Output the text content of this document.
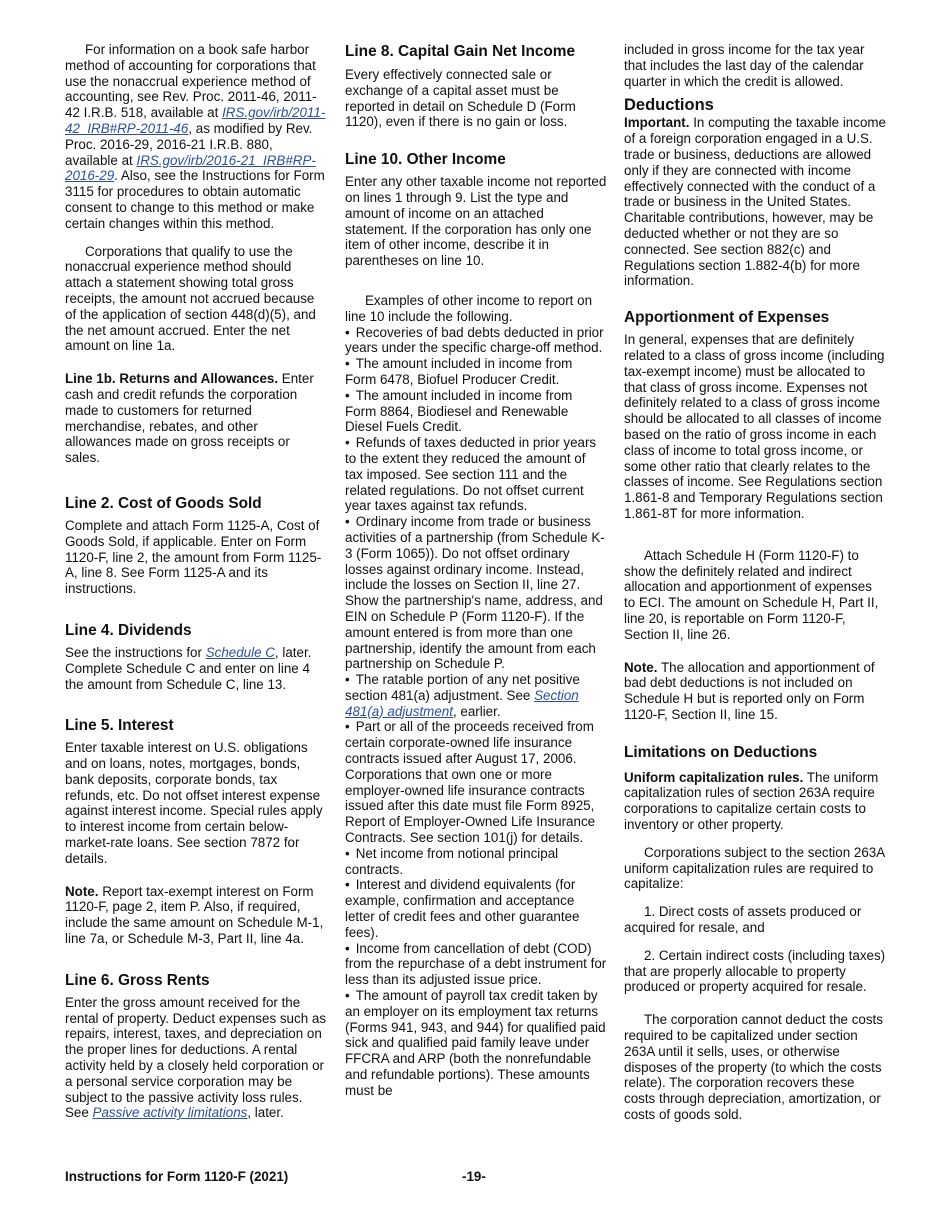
For information on a book safe harbor method of accounting for corporations that use the nonaccrual experience method of accounting, see Rev. Proc. 2011-46, 2011-42 I.R.B. 518, available at IRS.gov/irb/2011-42_IRB#RP-2011-46, as modified by Rev. Proc. 2016-29, 2016-21 I.R.B. 880, available at IRS.gov/irb/2016-21_IRB#RP-2016-29. Also, see the Instructions for Form 3115 for procedures to obtain automatic consent to change to this method or make certain changes within this method.

Corporations that qualify to use the nonaccrual experience method should attach a statement showing total gross receipts, the amount not accrued because of the application of section 448(d)(5), and the net amount accrued. Enter the net amount on line 1a.

Line 1b. Returns and Allowances. Enter cash and credit refunds the corporation made to customers for returned merchandise, rebates, and other allowances made on gross receipts or sales.

Line 2. Cost of Goods Sold

Complete and attach Form 1125-A, Cost of Goods Sold, if applicable. Enter on Form 1120-F, line 2, the amount from Form 1125-A, line 8. See Form 1125-A and its instructions.

Line 4. Dividends

See the instructions for Schedule C, later. Complete Schedule C and enter on line 4 the amount from Schedule C, line 13.

Line 5. Interest

Enter taxable interest on U.S. obligations and on loans, notes, mortgages, bonds, bank deposits, corporate bonds, tax refunds, etc. Do not offset interest expense against interest income. Special rules apply to interest income from certain below-market-rate loans. See section 7872 for details.

Note. Report tax-exempt interest on Form 1120-F, page 2, item P. Also, if required, include the same amount on Schedule M-1, line 7a, or Schedule M-3, Part II, line 4a.

Line 6. Gross Rents

Enter the gross amount received for the rental of property. Deduct expenses such as repairs, interest, taxes, and depreciation on the proper lines for deductions. A rental activity held by a closely held corporation or a personal service corporation may be subject to the passive activity loss rules. See Passive activity limitations, later.

Line 8. Capital Gain Net Income

Every effectively connected sale or exchange of a capital asset must be reported in detail on Schedule D (Form 1120), even if there is no gain or loss.

Line 10. Other Income

Enter any other taxable income not reported on lines 1 through 9. List the type and amount of income on an attached statement. If the corporation has only one item of other income, describe it in parentheses on line 10.

Examples of other income to report on line 10 include the following.

• Recoveries of bad debts deducted in prior years under the specific charge-off method.

• The amount included in income from Form 6478, Biofuel Producer Credit.

• The amount included in income from Form 8864, Biodiesel and Renewable Diesel Fuels Credit.

• Refunds of taxes deducted in prior years to the extent they reduced the amount of tax imposed. See section 111 and the related regulations. Do not offset current year taxes against tax refunds.

• Ordinary income from trade or business activities of a partnership (from Schedule K-3 (Form 1065)). Do not offset ordinary losses against ordinary income. Instead, include the losses on Section II, line 27. Show the partnership's name, address, and EIN on Schedule P (Form 1120-F). If the amount entered is from more than one partnership, identify the amount from each partnership on Schedule P.

• The ratable portion of any net positive section 481(a) adjustment. See Section 481(a) adjustment, earlier.

• Part or all of the proceeds received from certain corporate-owned life insurance contracts issued after August 17, 2006. Corporations that own one or more employer-owned life insurance contracts issued after this date must file Form 8925, Report of Employer-Owned Life Insurance Contracts. See section 101(j) for details.

• Net income from notional principal contracts.

• Interest and dividend equivalents (for example, confirmation and acceptance letter of credit fees and other guarantee fees).

• Income from cancellation of debt (COD) from the repurchase of a debt instrument for less than its adjusted issue price.

• The amount of payroll tax credit taken by an employer on its employment tax returns (Forms 941, 943, and 944) for qualified paid sick and qualified paid family leave under FFCRA and ARP (both the nonrefundable and refundable portions). These amounts must be

included in gross income for the tax year that includes the last day of the calendar quarter in which the credit is allowed.

Deductions

Important. In computing the taxable income of a foreign corporation engaged in a U.S. trade or business, deductions are allowed only if they are connected with income effectively connected with the conduct of a trade or business in the United States. Charitable contributions, however, may be deducted whether or not they are so connected. See section 882(c) and Regulations section 1.882-4(b) for more information.

Apportionment of Expenses

In general, expenses that are definitely related to a class of gross income (including tax-exempt income) must be allocated to that class of gross income. Expenses not definitely related to a class of gross income should be allocated to all classes of income based on the ratio of gross income in each class of income to total gross income, or some other ratio that clearly relates to the classes of income. See Regulations section 1.861-8 and Temporary Regulations section 1.861-8T for more information.

Attach Schedule H (Form 1120-F) to show the definitely related and indirect allocation and apportionment of expenses to ECI. The amount on Schedule H, Part II, line 20, is reportable on Form 1120-F, Section II, line 26.

Note. The allocation and apportionment of bad debt deductions is not included on Schedule H but is reported only on Form 1120-F, Section II, line 15.

Limitations on Deductions

Uniform capitalization rules. The uniform capitalization rules of section 263A require corporations to capitalize certain costs to inventory or other property.

Corporations subject to the section 263A uniform capitalization rules are required to capitalize:

1. Direct costs of assets produced or acquired for resale, and

2. Certain indirect costs (including taxes) that are properly allocable to property produced or property acquired for resale.

The corporation cannot deduct the costs required to be capitalized under section 263A until it sells, uses, or otherwise disposes of the property (to which the costs relate). The corporation recovers these costs through depreciation, amortization, or costs of goods sold.

Instructions for Form 1120-F (2021)	-19-
